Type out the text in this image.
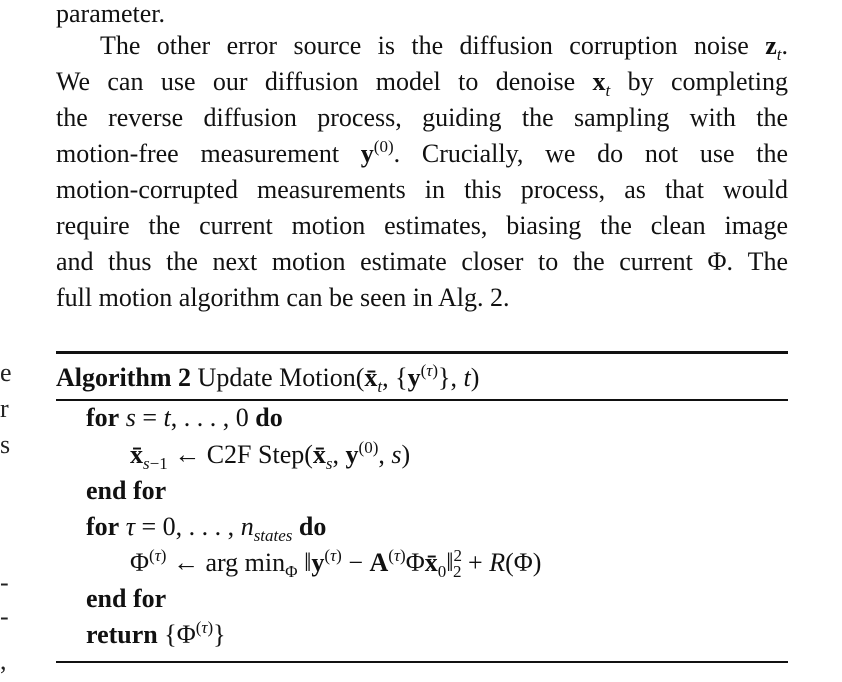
e
r
s
-
-
,
parameter.
The other error source is the diffusion corruption noise $z_t$.
We can use our diffusion model to denoise $x_t$ by completing
the reverse diffusion process, guiding the sampling with the
motion-free measurement $y^{(0)}$. Crucially, we do not use the
motion-corrupted measurements in this process, as that would
require the current motion estimates, biasing the clean image
and thus the next motion estimate closer to the current Φ. The
full motion algorithm can be seen in Alg. 2.
Algorithm 2 Update $Motion(x̄_t$, $\{y^{(\tau)}\}$, t)
for s = t, . . . , 0 do
$x̄_{s-1}$ ← C2F $Step(x̄_s$, $y^{(0)}$, s)
end for
for τ = 0, . . . , $n_{states}$ do
$\Phi^{(\tau)}$ ← arg $\min_\Phi$ $‖y^{(\tau)}$ − $A^{(\tau)}\Phi x̄_0‖^2_2 + R(\Phi)$
end for
return $\{\Phi^{(\tau)}\}$
